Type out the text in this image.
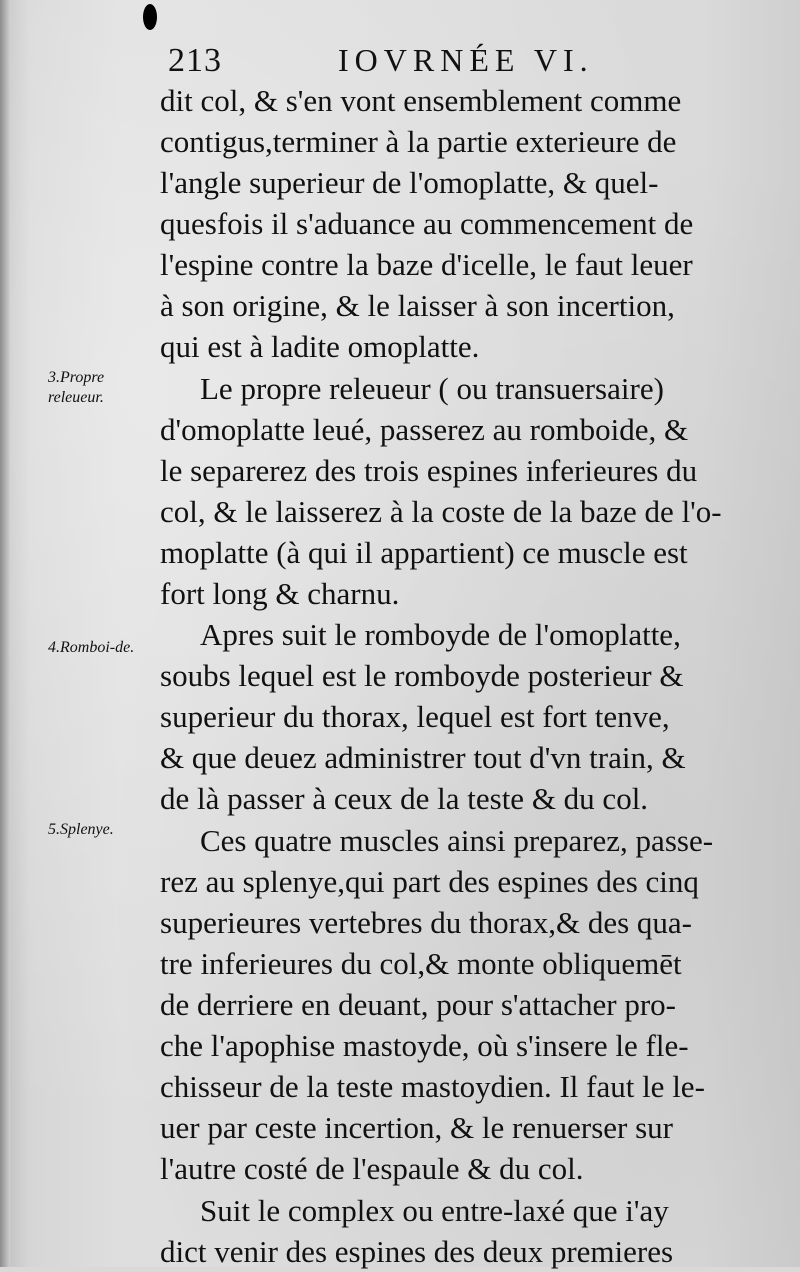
213	IOVRNÉE VI.
3.Propre releueur.
4.Romboi-de.
5.Splenye.
dit col, & s'en vont ensemblement comme
contigus,terminer à la partie exterieure de
l'angle superieur de l'omoplatte, & quel-
quesfois il s'aduance au commencement de
l'espine contre la baze d'icelle, le faut leuer
à son origine, & le laisser à son incertion,
qui est à ladite omoplatte.
Le propre releueur ( ou transuersaire)
d'omoplatte leué, passerez au romboide, &
le separerez des trois espines inferieures du
col, & le laisserez à la coste de la baze de l'o-
moplatte (à qui il appartient) ce muscle est
fort long & charnu.
Apres suit le romboyde de l'omoplatte,
soubs lequel est le romboyde posterieur &
superieur du thorax, lequel est fort tenve,
& que deuez administrer tout d'vn train, &
de là passer à ceux de la teste & du col.
Ces quatre muscles ainsi preparez, passe-
rez au splenye,qui part des espines des cinq
superieures vertebres du thorax,& des qua-
tre inferieures du col,& monte obliquemēt
de derriere en deuant, pour s'attacher pro-
che l'apophise mastoyde, où s'insere le fle-
chisseur de la teste mastoydien. Il faut le le-
uer par ceste incertion, & le renuerser sur
l'autre costé de l'espaule & du col.
Suit le complex ou entre-laxé que i'ay
dict venir des espines des deux premieres
